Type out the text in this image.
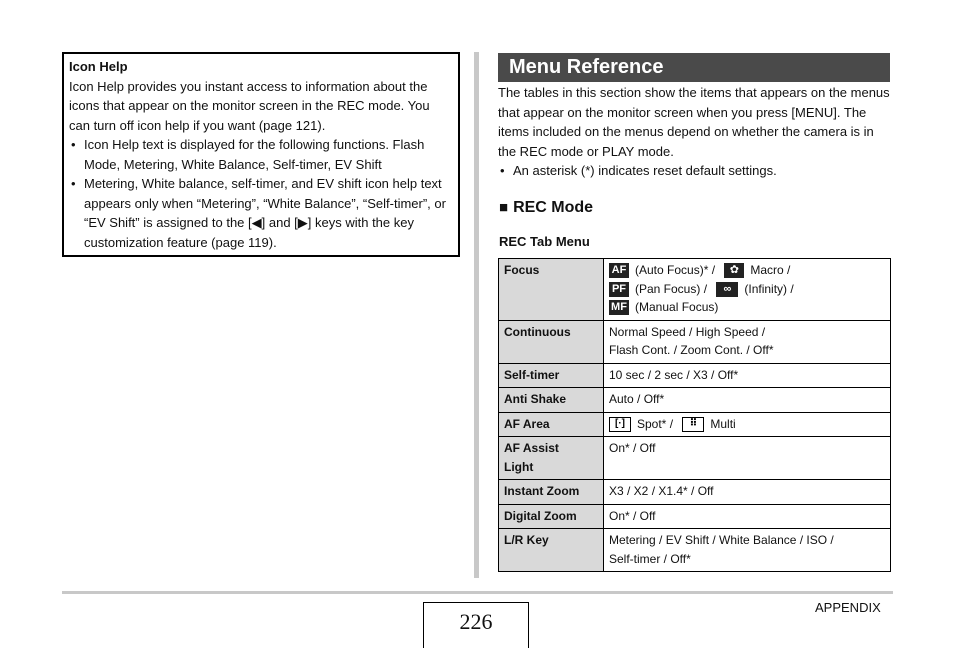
Icon Help
Icon Help provides you instant access to information about the icons that appear on the monitor screen in the REC mode. You can turn off icon help if you want (page 121).
• Icon Help text is displayed for the following functions. Flash Mode, Metering, White Balance, Self-timer, EV Shift
• Metering, White balance, self-timer, and EV shift icon help text appears only when “Metering”, “White Balance”, “Self-timer”, or “EV Shift” is assigned to the [◀] and [▶] keys with the key customization feature (page 119).
Menu Reference
The tables in this section show the items that appears on the menus that appear on the monitor screen when you press [MENU]. The items included on the menus depend on whether the camera is in the REC mode or PLAY mode.
• An asterisk (*) indicates reset default settings.
■ REC Mode
REC Tab Menu
Focus	AF (Auto Focus)* / ✿ Macro /
PF (Pan Focus) / ∞ (Infinity) /
MF (Manual Focus)
Continuous	Normal Speed / High Speed /
Flash Cont. / Zoom Cont. / Off*
Self-timer	10 sec / 2 sec / X3 / Off*
Anti Shake	Auto / Off*
AF Area	[·] Spot* / ⠿ Multi
AF Assist
Light	On* / Off
Instant Zoom	X3 / X2 / X1.4* / Off
Digital Zoom	On* / Off
L/R Key	Metering / EV Shift / White Balance / ISO /
Self-timer / Off*
226
APPENDIX
